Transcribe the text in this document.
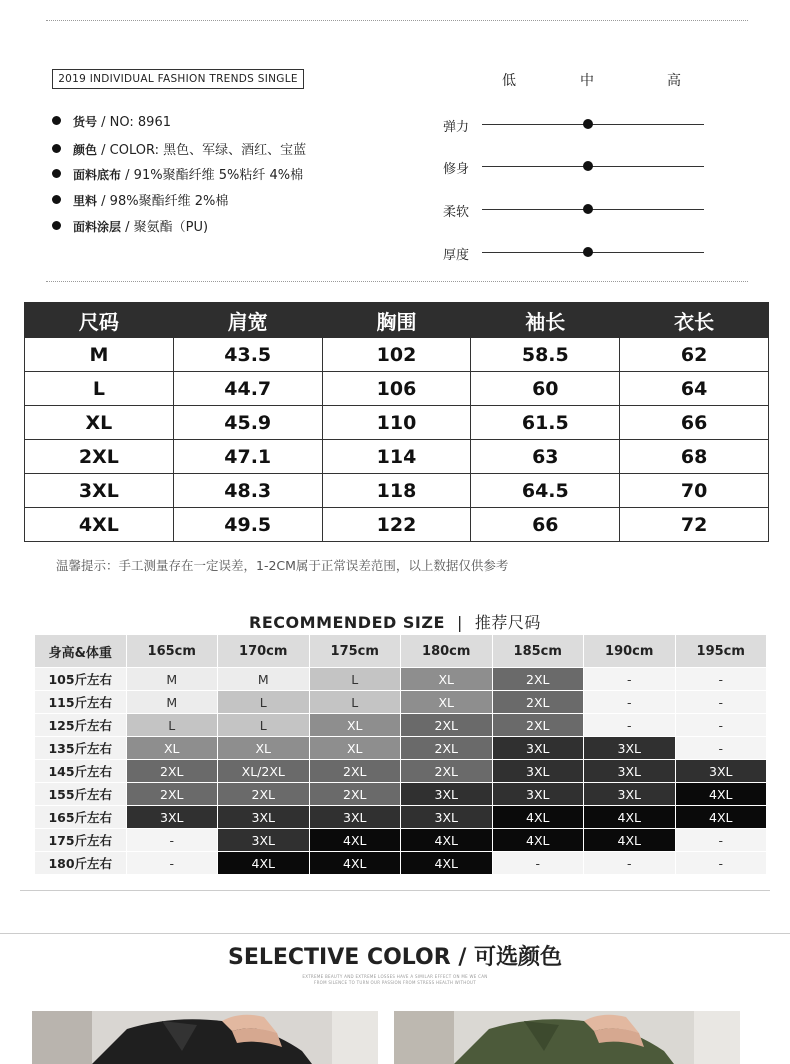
2019 INDIVIDUAL FASHION TRENDS SINGLE
货号 / NO: 8961
颜色 / COLOR: 黑色、军绿、酒红、宝蓝
面料底布 / 91%聚酯纤维 5%粘纤 4%棉
里料 / 98%聚酯纤维 2%棉
面料涂层 / 聚氨酯（PU)
低	中	高
弹力
修身
柔软
厚度
尺码	肩宽	胸围	袖长	衣长
M	43.5	102	58.5	62
L	44.7	106	60	64
XL	45.9	110	61.5	66
2XL	47.1	114	63	68
3XL	48.3	118	64.5	70
4XL	49.5	122	66	72
温馨提示：手工测量存在一定误差，1-2CM属于正常误差范围，以上数据仅供参考
RECOMMENDED SIZE | 推荐尺码
身高&体重	165cm	170cm	175cm	180cm	185cm	190cm	195cm
105斤左右	M	M	L	XL	2XL	-	-
115斤左右	M	L	L	XL	2XL	-	-
125斤左右	L	L	XL	2XL	2XL	-	-
135斤左右	XL	XL	XL	2XL	3XL	3XL	-
145斤左右	2XL	XL/2XL	2XL	2XL	3XL	3XL	3XL
155斤左右	2XL	2XL	2XL	3XL	3XL	3XL	4XL
165斤左右	3XL	3XL	3XL	3XL	4XL	4XL	4XL
175斤左右	-	3XL	4XL	4XL	4XL	4XL	-
180斤左右	-	4XL	4XL	4XL	-	-	-
SELECTIVE COLOR / 可选颜色
EXTREME BEAUTY AND EXTREME LOSSES HAVE A SIMILAR EFFECT ON ME WE CAN
FROM SILENCE TO TURN OUR PASSION FROM STRESS HEALTH WITHOUT
